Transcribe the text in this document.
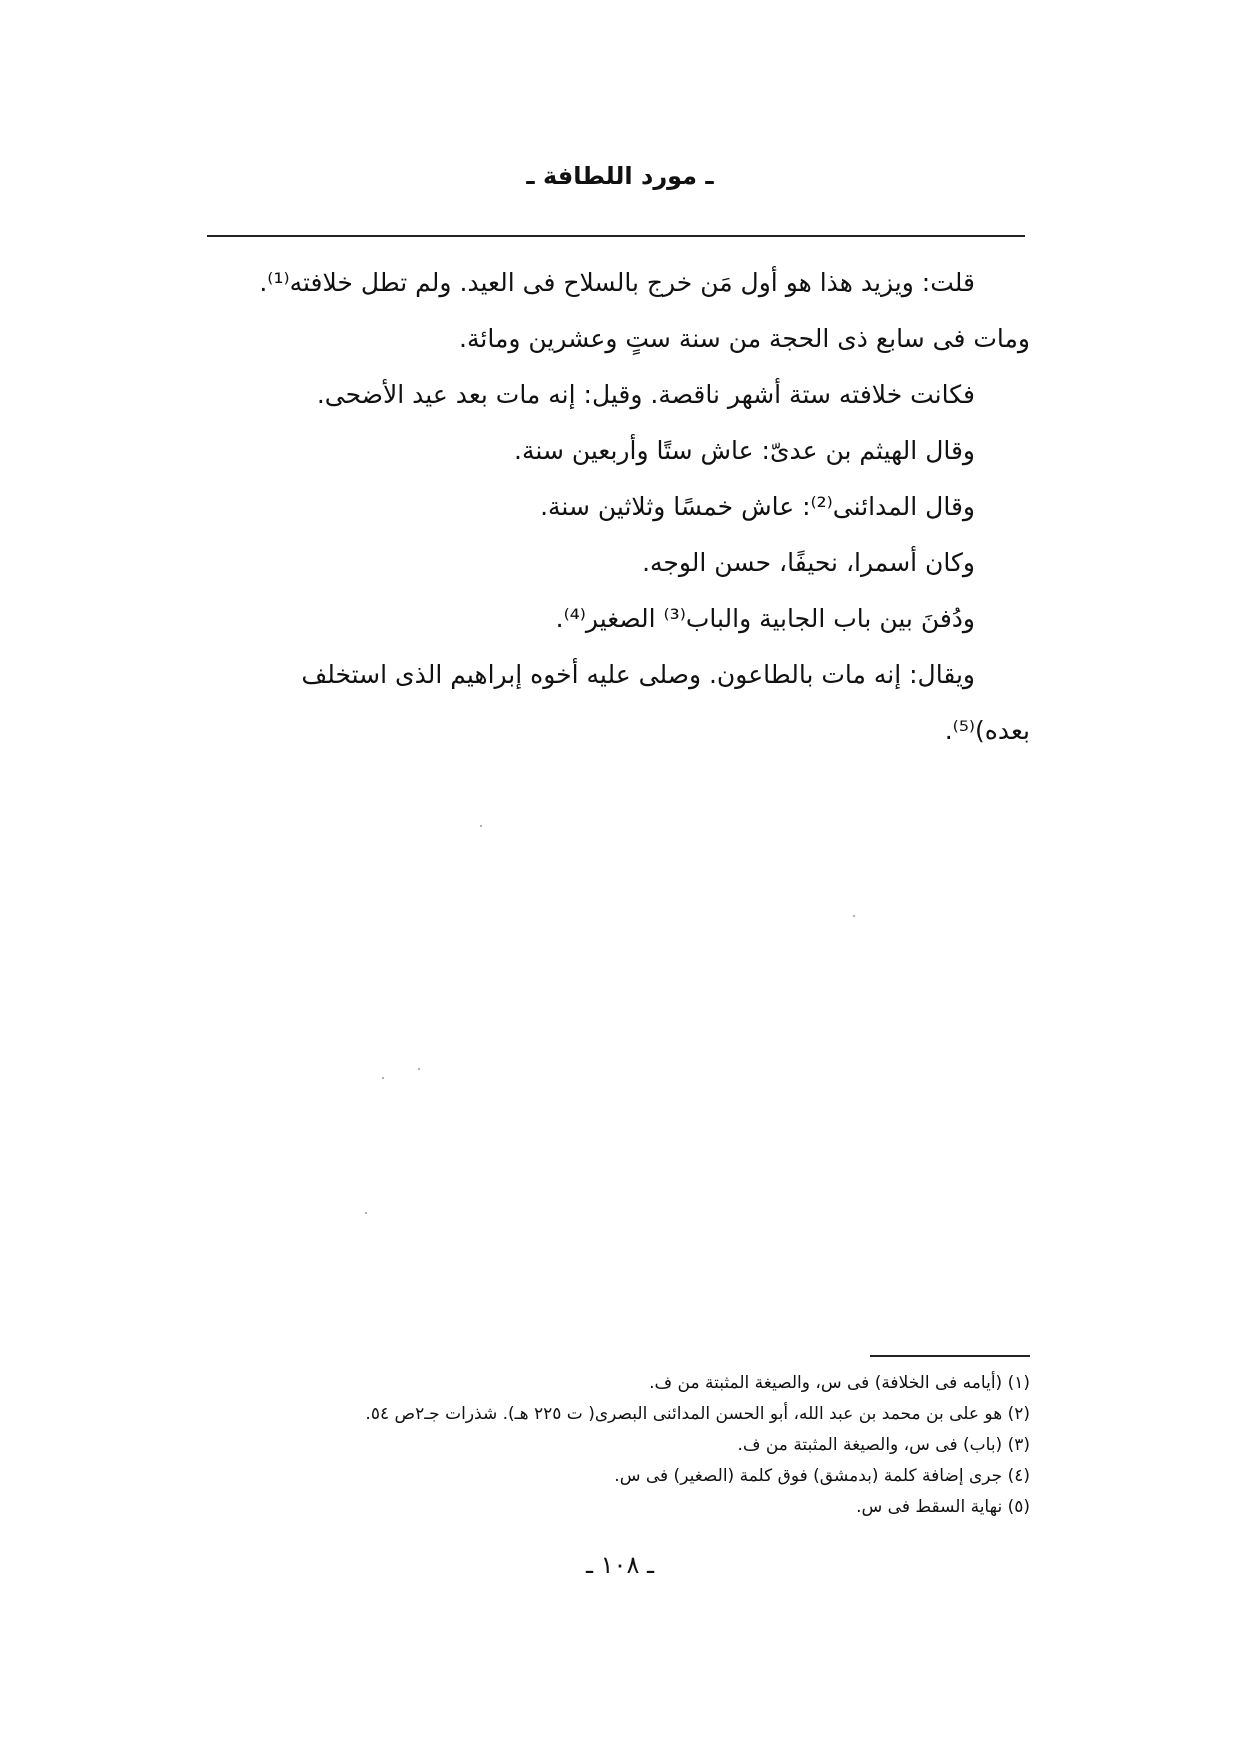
ـ مورد اللطافة ـ
قلت: ويزيد هذا هو أول مَن خرج بالسلاح فى العيد. ولم تطل خلافته⁽¹⁾.
ومات فى سابع ذى الحجة من سنة ستٍ وعشرين ومائة.
فكانت خلافته ستة أشهر ناقصة. وقيل: إنه مات بعد عيد الأضحى.
وقال الهيثم بن عدىّ: عاش ستًا وأربعين سنة.
وقال المدائنى⁽²⁾: عاش خمسًا وثلاثين سنة.
وكان أسمرا، نحيفًا، حسن الوجه.
ودُفنَ بين باب الجابية والباب⁽³⁾ الصغير⁽⁴⁾.
ويقال: إنه مات بالطاعون. وصلى عليه أخوه إبراهيم الذى استخلف
بعده)⁽⁵⁾.
(١) (أيامه فى الخلافة) فى س، والصيغة المثبتة من ف.
(٢) هو على بن محمد بن عبد الله، أبو الحسن المدائنى البصرى( ت ٢٢٥ هـ). شذرات جـ٢ص ٥٤.
(٣) (باب) فى س، والصيغة المثبتة من ف.
(٤) جرى إضافة كلمة (بدمشق) فوق كلمة (الصغير) فى س.
(٥) نهاية السقط فى س.
ـ ١٠٨ ـ
